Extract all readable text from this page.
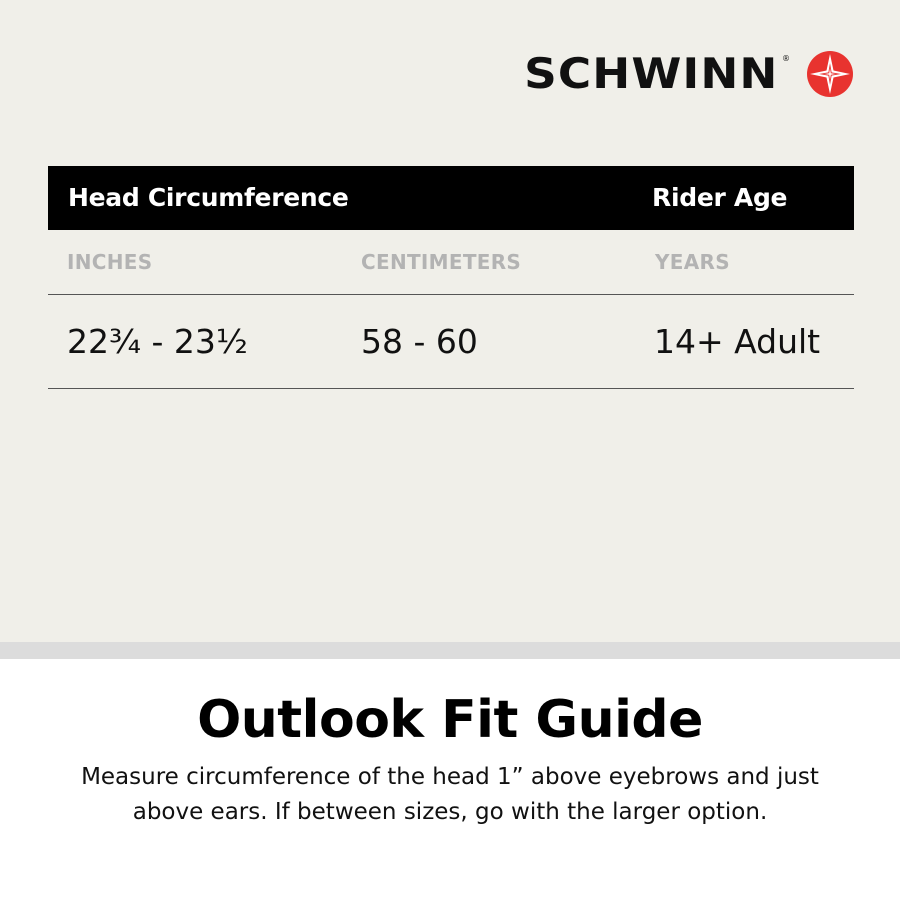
SCHWINN ®
Head Circumference	Rider Age
INCHES	CENTIMETERS	YEARS
22¾ - 23½	58 - 60	14+ Adult
Outlook Fit Guide
Measure circumference of the head 1” above eyebrows and just
above ears. If between sizes, go with the larger option.
